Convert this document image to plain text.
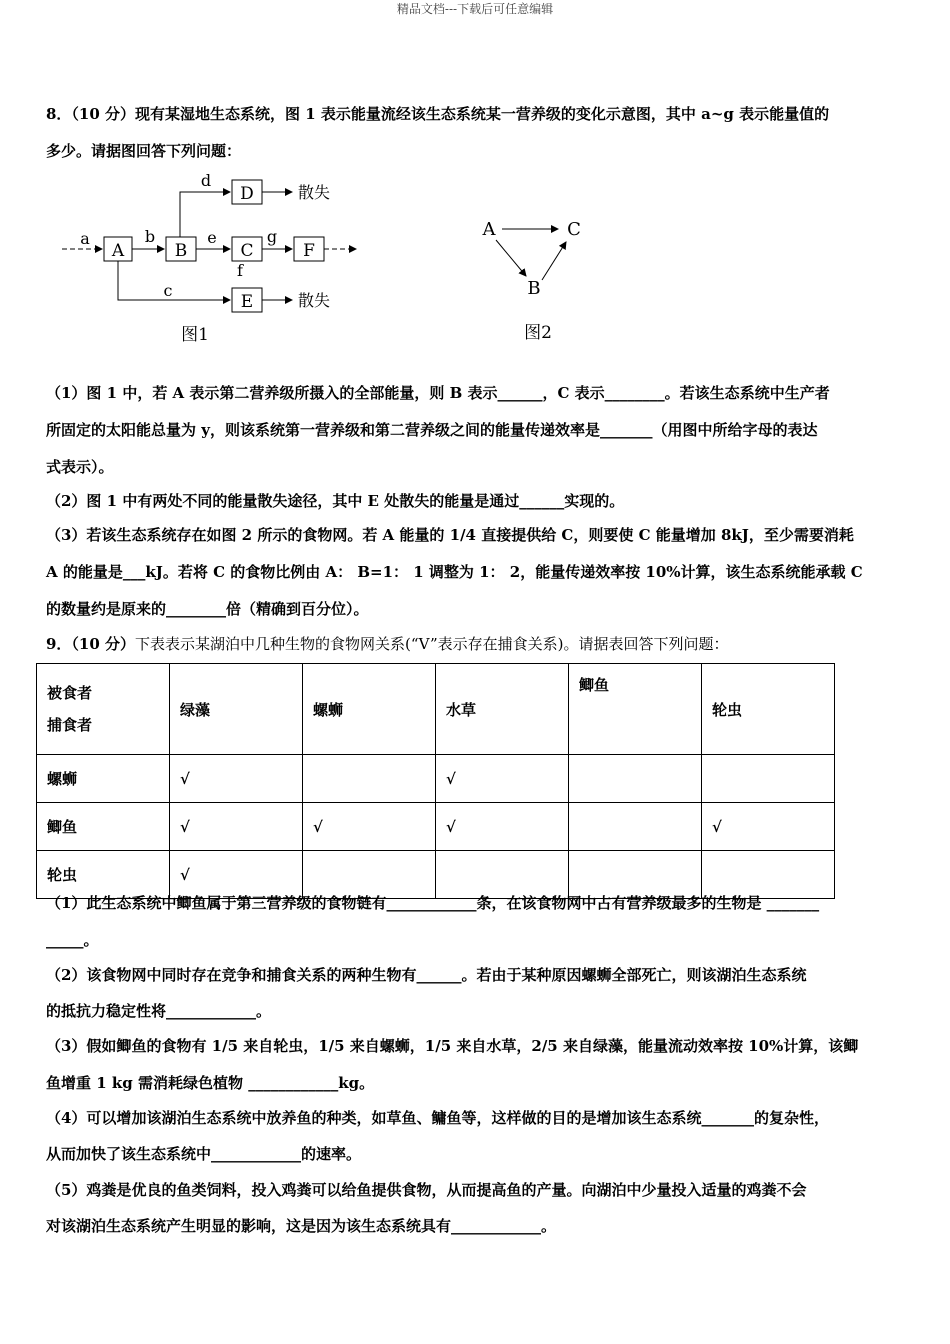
精品文档---下载后可任意编辑
8．（10 分）现有某湿地生态系统，图 1 表示能量流经该生态系统某一营养级的变化示意图，其中 a~g 表示能量值的
多少。请据图回答下列问题：
A	B	C	F
D
E
a	b
c
d
e
f
g
散失
散失
图1
A	C
B
图2
（1）图 1 中，若 A 表示第二营养级所摄入的全部能量，则 B 表示______，C 表示________。若该生态系统中生产者
所固定的太阳能总量为 y，则该系统第一营养级和第二营养级之间的能量传递效率是_______（用图中所给字母的表达
式表示）。
（2）图 1 中有两处不同的能量散失途径，其中 E 处散失的能量是通过______实现的。
（3）若该生态系统存在如图 2 所示的食物网。若 A 能量的 1/4 直接提供给 C，则要使 C 能量增加 8kJ，至少需要消耗
A 的能量是___kJ。若将 C 的食物比例由 A： B=1： 1 调整为 1： 2，能量传递效率按 10%计算，该生态系统能承载 C
的数量约是原来的________倍（精确到百分位）。
9．（10 分）下表表示某湖泊中几种生物的食物网关系(“V”表示存在捕食关系)。请据表回答下列问题：
被食者
捕食者	绿藻	螺蛳	水草	鲫鱼	轮虫
螺蛳	√		√		
鲫鱼	√	√	√		√
轮虫	√				
（1）此生态系统中鲫鱼属于第三营养级的食物链有____________条，在该食物网中占有营养级最多的生物是 _______
_____。
（2）该食物网中同时存在竞争和捕食关系的两种生物有______。若由于某种原因螺蛳全部死亡，则该湖泊生态系统
的抵抗力稳定性将____________。
（3）假如鲫鱼的食物有 1/5 来自轮虫，1/5 来自螺蛳，1/5 来自水草，2/5 来自绿藻，能量流动效率按 10%计算，该鲫
鱼增重 1 kg 需消耗绿色植物 ____________kg。
（4）可以增加该湖泊生态系统中放养鱼的种类，如草鱼、鳙鱼等，这样做的目的是增加该生态系统_______的复杂性，
从而加快了该生态系统中____________的速率。
（5）鸡粪是优良的鱼类饲料，投入鸡粪可以给鱼提供食物，从而提高鱼的产量。向湖泊中少量投入适量的鸡粪不会
对该湖泊生态系统产生明显的影响，这是因为该生态系统具有____________。
